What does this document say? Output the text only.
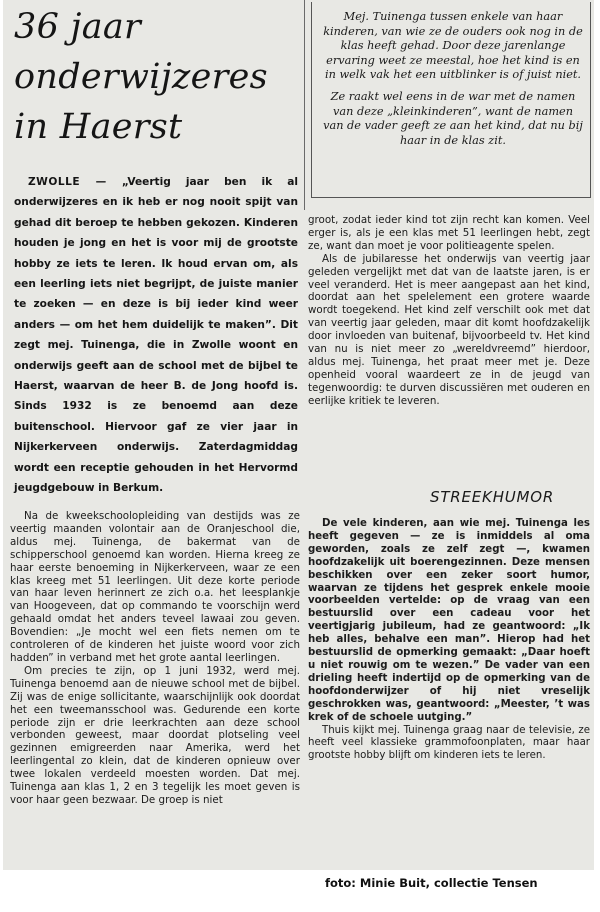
36 jaar
onderwijzeres
in Haerst

Mej. Tuinenga tussen enkele van haar kinderen, van wie ze de ouders ook nog in de klas heeft gehad. Door deze jarenlange ervaring weet ze meestal, hoe het kind is en in welk vak het een uitblinker is of juist niet.

Ze raakt wel eens in de war met de namen van deze „kleinkinderen”, want de namen van de vader geeft ze aan het kind, dat nu bij haar in de klas zit.

ZWOLLE — „Veertig jaar ben ik al onderwijzeres en ik heb er nog nooit spijt van gehad dit beroep te hebben gekozen. Kinderen houden je jong en het is voor mij de grootste hobby ze iets te leren. Ik houd ervan om, als een leerling iets niet begrijpt, de juiste manier te zoeken — en deze is bij ieder kind weer anders — om het hem duidelijk te maken”. Dit zegt mej. Tuinenga, die in Zwolle woont en onderwijs geeft aan de school met de bijbel te Haerst, waarvan de heer B. de Jong hoofd is. Sinds 1932 is ze benoemd aan deze buitenschool. Hiervoor gaf ze vier jaar in Nijkerkerveen onderwijs. Zaterdagmiddag wordt een receptie gehouden in het Hervormd jeugdgebouw in Berkum.

Na de kweekschoolopleiding van destijds was ze veertig maanden volontair aan de Oranjeschool die, aldus mej. Tuinenga, de bakermat van de schipperschool genoemd kan worden. Hierna kreeg ze haar eerste benoeming in Nijkerkerveen, waar ze een klas kreeg met 51 leerlingen. Uit deze korte periode van haar leven herinnert ze zich o.a. het leesplankje van Hoogeveen, dat op commando te voorschijn werd gehaald omdat het anders teveel lawaai zou geven. Bovendien: „Je mocht wel een fiets nemen om te controleren of de kinderen het juiste woord voor zich hadden” in verband met het grote aantal leerlingen.

Om precies te zijn, op 1 juni 1932, werd mej. Tuinenga benoemd aan de nieuwe school met de bijbel. Zij was de enige sollicitante, waarschijnlijk ook doordat het een tweemansschool was. Gedurende een korte periode zijn er drie leerkrachten aan deze school verbonden geweest, maar doordat plotseling veel gezinnen emigreerden naar Amerika, werd het leerlingental zo klein, dat de kinderen opnieuw over twee lokalen verdeeld moesten worden. Dat mej. Tuinenga aan klas 1, 2 en 3 tegelijk les moet geven is voor haar geen bezwaar. De groep is niet

groot, zodat ieder kind tot zijn recht kan komen. Veel erger is, als je een klas met 51 leerlingen hebt, zegt ze, want dan moet je voor politieagente spelen.

Als de jubilaresse het onderwijs van veertig jaar geleden vergelijkt met dat van de laatste jaren, is er veel veranderd. Het is meer aangepast aan het kind, doordat aan het spelelement een grotere waarde wordt toegekend. Het kind zelf verschilt ook met dat van veertig jaar geleden, maar dit komt hoofdzakelijk door invloeden van buitenaf, bijvoorbeeld tv. Het kind van nu is niet meer zo „wereldvreemd” hierdoor, aldus mej. Tuinenga, het praat meer met je. Deze openheid vooral waardeert ze in de jeugd van tegenwoordig: te durven discussiëren met ouderen en eerlijke kritiek te leveren.

STREEKHUMOR

De vele kinderen, aan wie mej. Tuinenga les heeft gegeven — ze is inmiddels al oma geworden, zoals ze zelf zegt —, kwamen hoofdzakelijk uit boerengezinnen. Deze mensen beschikken over een zeker soort humor, waarvan ze tijdens het gesprek enkele mooie voorbeelden vertelde: op de vraag van een bestuurslid over een cadeau voor het veertigjarig jubileum, had ze geantwoord: „Ik heb alles, behalve een man”. Hierop had het bestuurslid de opmerking gemaakt: „Daar hoeft u niet rouwig om te wezen.” De vader van een drieling heeft indertijd op de opmerking van de hoofdonderwijzer of hij niet vreselijk geschrokken was, geantwoord: „Meester, ’t was krek of de schoele uutging.”

Thuis kijkt mej. Tuinenga graag naar de televisie, ze heeft veel klassieke grammofoonplaten, maar haar grootste hobby blijft om kinderen iets te leren.

foto: Minie Buit, collectie Tensen
